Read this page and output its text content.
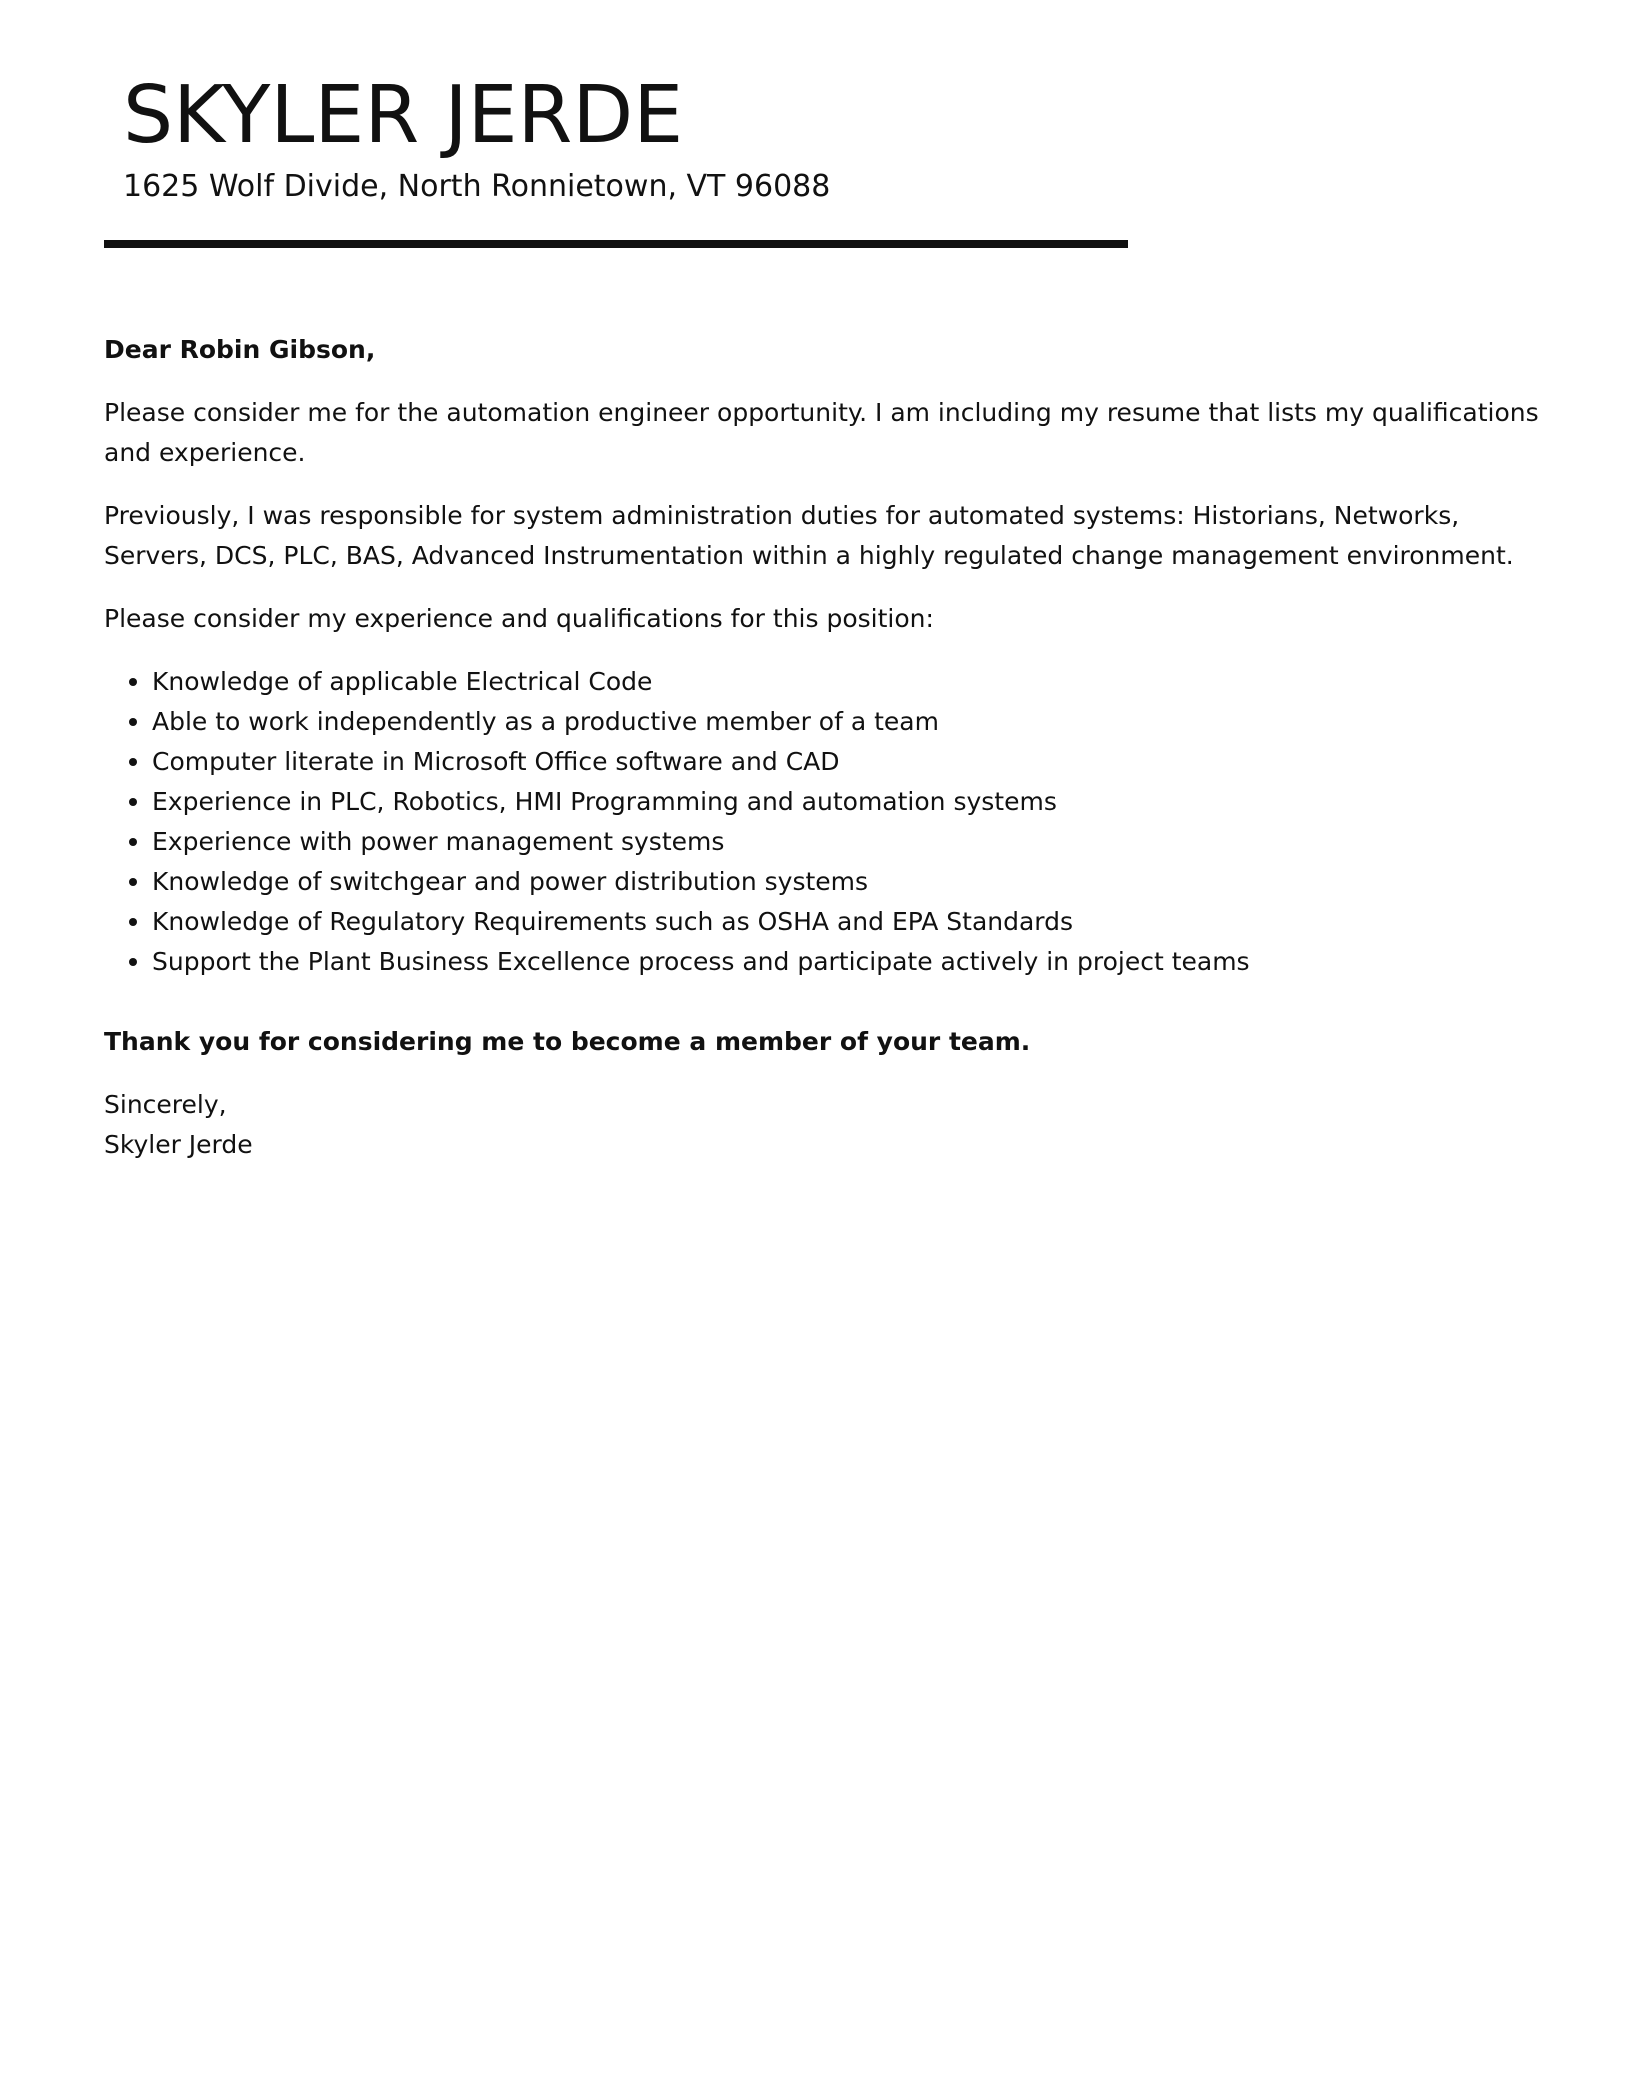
SKYLER JERDE
1625 Wolf Divide, North Ronnietown, VT 96088

Dear Robin Gibson,

Please consider me for the automation engineer opportunity. I am including my resume that lists my qualifications and experience.

Previously, I was responsible for system administration duties for automated systems: Historians, Networks, Servers, DCS, PLC, BAS, Advanced Instrumentation within a highly regulated change management environment.

Please consider my experience and qualifications for this position:

Knowledge of applicable Electrical Code
Able to work independently as a productive member of a team
Computer literate in Microsoft Office software and CAD
Experience in PLC, Robotics, HMI Programming and automation systems
Experience with power management systems
Knowledge of switchgear and power distribution systems
Knowledge of Regulatory Requirements such as OSHA and EPA Standards
Support the Plant Business Excellence process and participate actively in project teams

Thank you for considering me to become a member of your team.

Sincerely,
Skyler Jerde
